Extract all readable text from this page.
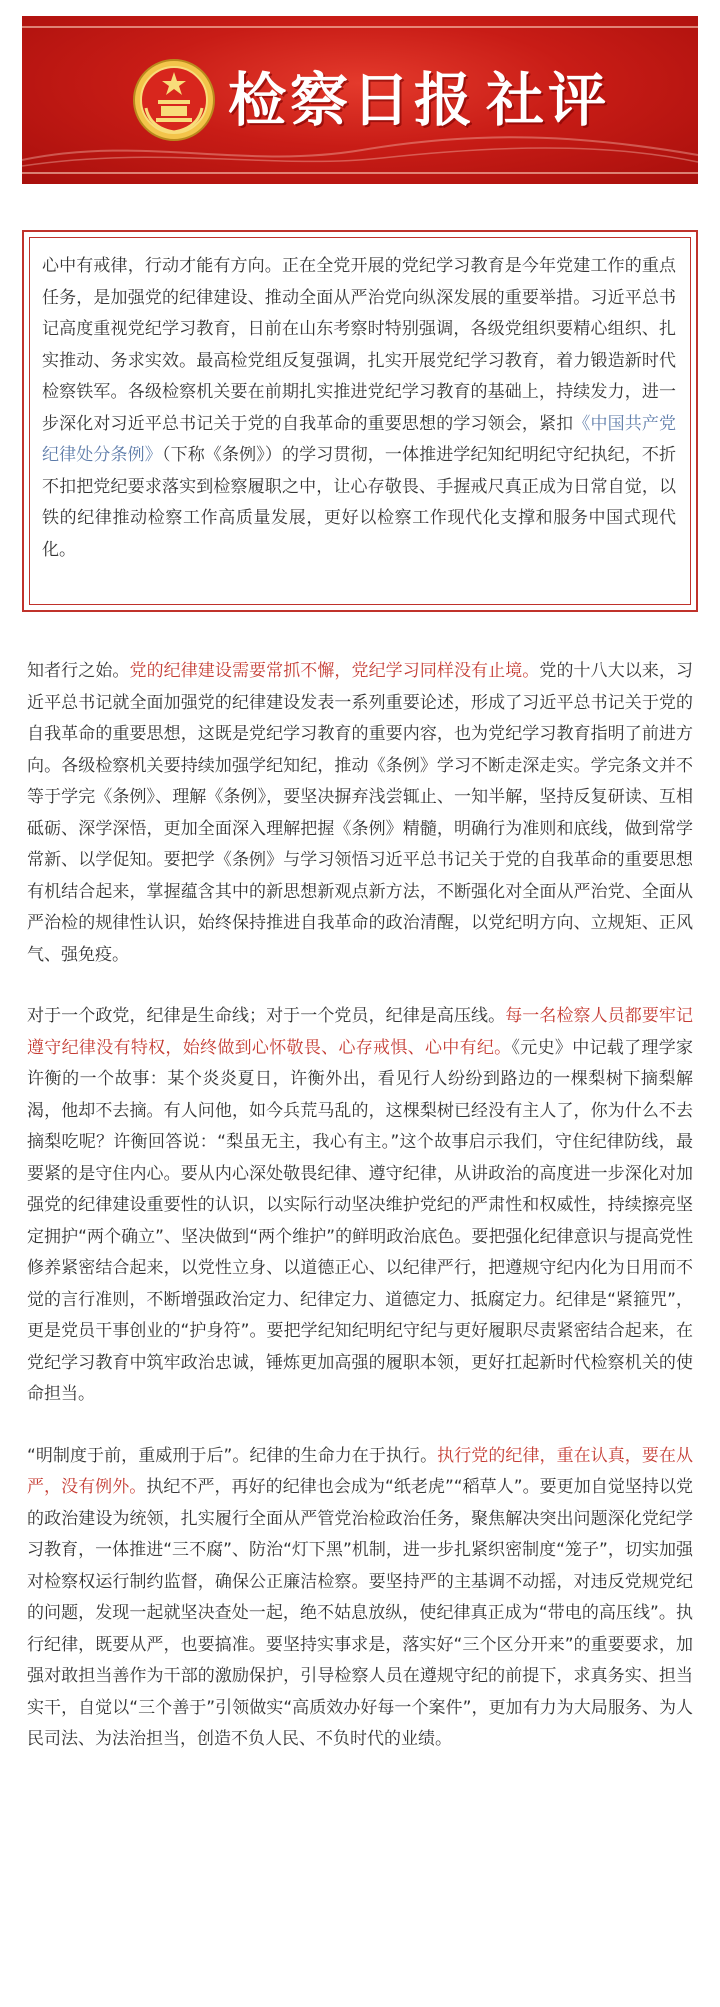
检察日报 社评

心中有戒律，行动才能有方向。正在全党开展的党纪学习教育是今年党建工作的重点任务，是加强党的纪律建设、推动全面从严治党向纵深发展的重要举措。习近平总书记高度重视党纪学习教育，日前在山东考察时特别强调，各级党组织要精心组织、扎实推动、务求实效。最高检党组反复强调，扎实开展党纪学习教育，着力锻造新时代检察铁军。各级检察机关要在前期扎实推进党纪学习教育的基础上，持续发力，进一步深化对习近平总书记关于党的自我革命的重要思想的学习领会，紧扣《中国共产党纪律处分条例》（下称《条例》）的学习贯彻，一体推进学纪知纪明纪守纪执纪，不折不扣把党纪要求落实到检察履职之中，让心存敬畏、手握戒尺真正成为日常自觉，以铁的纪律推动检察工作高质量发展，更好以检察工作现代化支撑和服务中国式现代化。

知者行之始。党的纪律建设需要常抓不懈，党纪学习同样没有止境。党的十八大以来，习近平总书记就全面加强党的纪律建设发表一系列重要论述，形成了习近平总书记关于党的自我革命的重要思想，这既是党纪学习教育的重要内容，也为党纪学习教育指明了前进方向。各级检察机关要持续加强学纪知纪，推动《条例》学习不断走深走实。学完条文并不等于学完《条例》、理解《条例》，要坚决摒弃浅尝辄止、一知半解，坚持反复研读、互相砥砺、深学深悟，更加全面深入理解把握《条例》精髓，明确行为准则和底线，做到常学常新、以学促知。要把学《条例》与学习领悟习近平总书记关于党的自我革命的重要思想有机结合起来，掌握蕴含其中的新思想新观点新方法，不断强化对全面从严治党、全面从严治检的规律性认识，始终保持推进自我革命的政治清醒，以党纪明方向、立规矩、正风气、强免疫。

对于一个政党，纪律是生命线；对于一个党员，纪律是高压线。每一名检察人员都要牢记遵守纪律没有特权，始终做到心怀敬畏、心存戒惧、心中有纪。《元史》中记载了理学家许衡的一个故事：某个炎炎夏日，许衡外出，看见行人纷纷到路边的一棵梨树下摘梨解渴，他却不去摘。有人问他，如今兵荒马乱的，这棵梨树已经没有主人了，你为什么不去摘梨吃呢？许衡回答说：“梨虽无主，我心有主。”这个故事启示我们，守住纪律防线，最要紧的是守住内心。要从内心深处敬畏纪律、遵守纪律，从讲政治的高度进一步深化对加强党的纪律建设重要性的认识，以实际行动坚决维护党纪的严肃性和权威性，持续擦亮坚定拥护“两个确立”、坚决做到“两个维护”的鲜明政治底色。要把强化纪律意识与提高党性修养紧密结合起来，以党性立身、以道德正心、以纪律严行，把遵规守纪内化为日用而不觉的言行准则，不断增强政治定力、纪律定力、道德定力、抵腐定力。纪律是“紧箍咒”，更是党员干事创业的“护身符”。要把学纪知纪明纪守纪与更好履职尽责紧密结合起来，在党纪学习教育中筑牢政治忠诚，锤炼更加高强的履职本领，更好扛起新时代检察机关的使命担当。

“明制度于前，重威刑于后”。纪律的生命力在于执行。执行党的纪律，重在认真，要在从严，没有例外。执纪不严，再好的纪律也会成为“纸老虎”“稻草人”。要更加自觉坚持以党的政治建设为统领，扎实履行全面从严管党治检政治任务，聚焦解决突出问题深化党纪学习教育，一体推进“三不腐”、防治“灯下黑”机制，进一步扎紧织密制度“笼子”，切实加强对检察权运行制约监督，确保公正廉洁检察。要坚持严的主基调不动摇，对违反党规党纪的问题，发现一起就坚决查处一起，绝不姑息放纵，使纪律真正成为“带电的高压线”。执行纪律，既要从严，也要搞准。要坚持实事求是，落实好“三个区分开来”的重要要求，加强对敢担当善作为干部的激励保护，引导检察人员在遵规守纪的前提下，求真务实、担当实干，自觉以“三个善于”引领做实“高质效办好每一个案件”，更加有力为大局服务、为人民司法、为法治担当，创造不负人民、不负时代的业绩。
